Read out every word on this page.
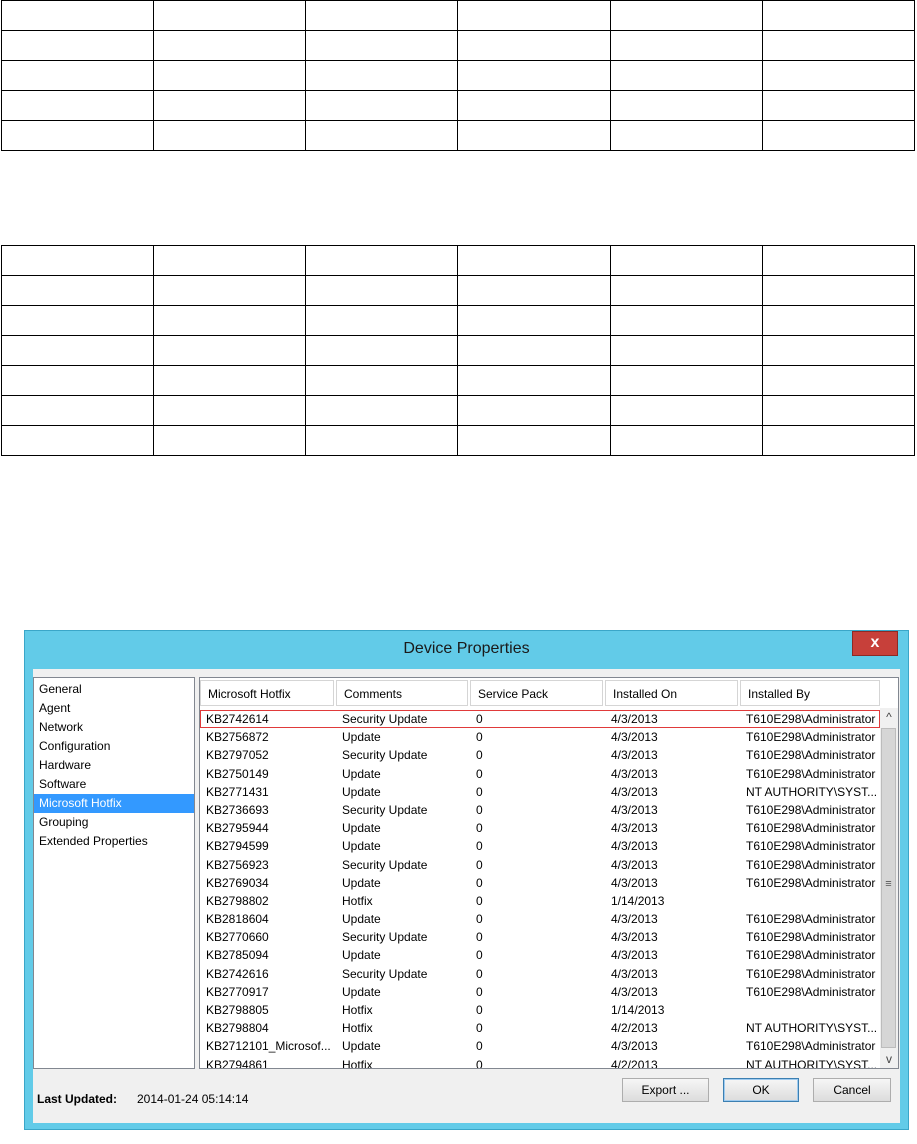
Device Properties	x
General
Agent
Network
Configuration
Hardware
Software
Microsoft Hotfix
Grouping
Extended Properties
Microsoft Hotfix	Comments	Service Pack	Installed On	Installed By
KB2742614	Security Update	0	4/3/2013	T610E298\Administrator
KB2756872	Update	0	4/3/2013	T610E298\Administrator
KB2797052	Security Update	0	4/3/2013	T610E298\Administrator
KB2750149	Update	0	4/3/2013	T610E298\Administrator
KB2771431	Update	0	4/3/2013	NT AUTHORITY\SYST...
KB2736693	Security Update	0	4/3/2013	T610E298\Administrator
KB2795944	Update	0	4/3/2013	T610E298\Administrator
KB2794599	Update	0	4/3/2013	T610E298\Administrator
KB2756923	Security Update	0	4/3/2013	T610E298\Administrator
KB2769034	Update	0	4/3/2013	T610E298\Administrator
KB2798802	Hotfix	0	1/14/2013
KB2818604	Update	0	4/3/2013	T610E298\Administrator
KB2770660	Security Update	0	4/3/2013	T610E298\Administrator
KB2785094	Update	0	4/3/2013	T610E298\Administrator
KB2742616	Security Update	0	4/3/2013	T610E298\Administrator
KB2770917	Update	0	4/3/2013	T610E298\Administrator
KB2798805	Hotfix	0	1/14/2013
KB2798804	Hotfix	0	4/2/2013	NT AUTHORITY\SYST...
KB2712101_Microsof... Update	0	4/3/2013	T610E298\Administrator
KB2794861	Hotfix	0	4/2/2013	NT AUTHORITY\SYST...
^
≡
v
Last Updated: 2014-01-24 05:14:14
Export ...	OK	Cancel
